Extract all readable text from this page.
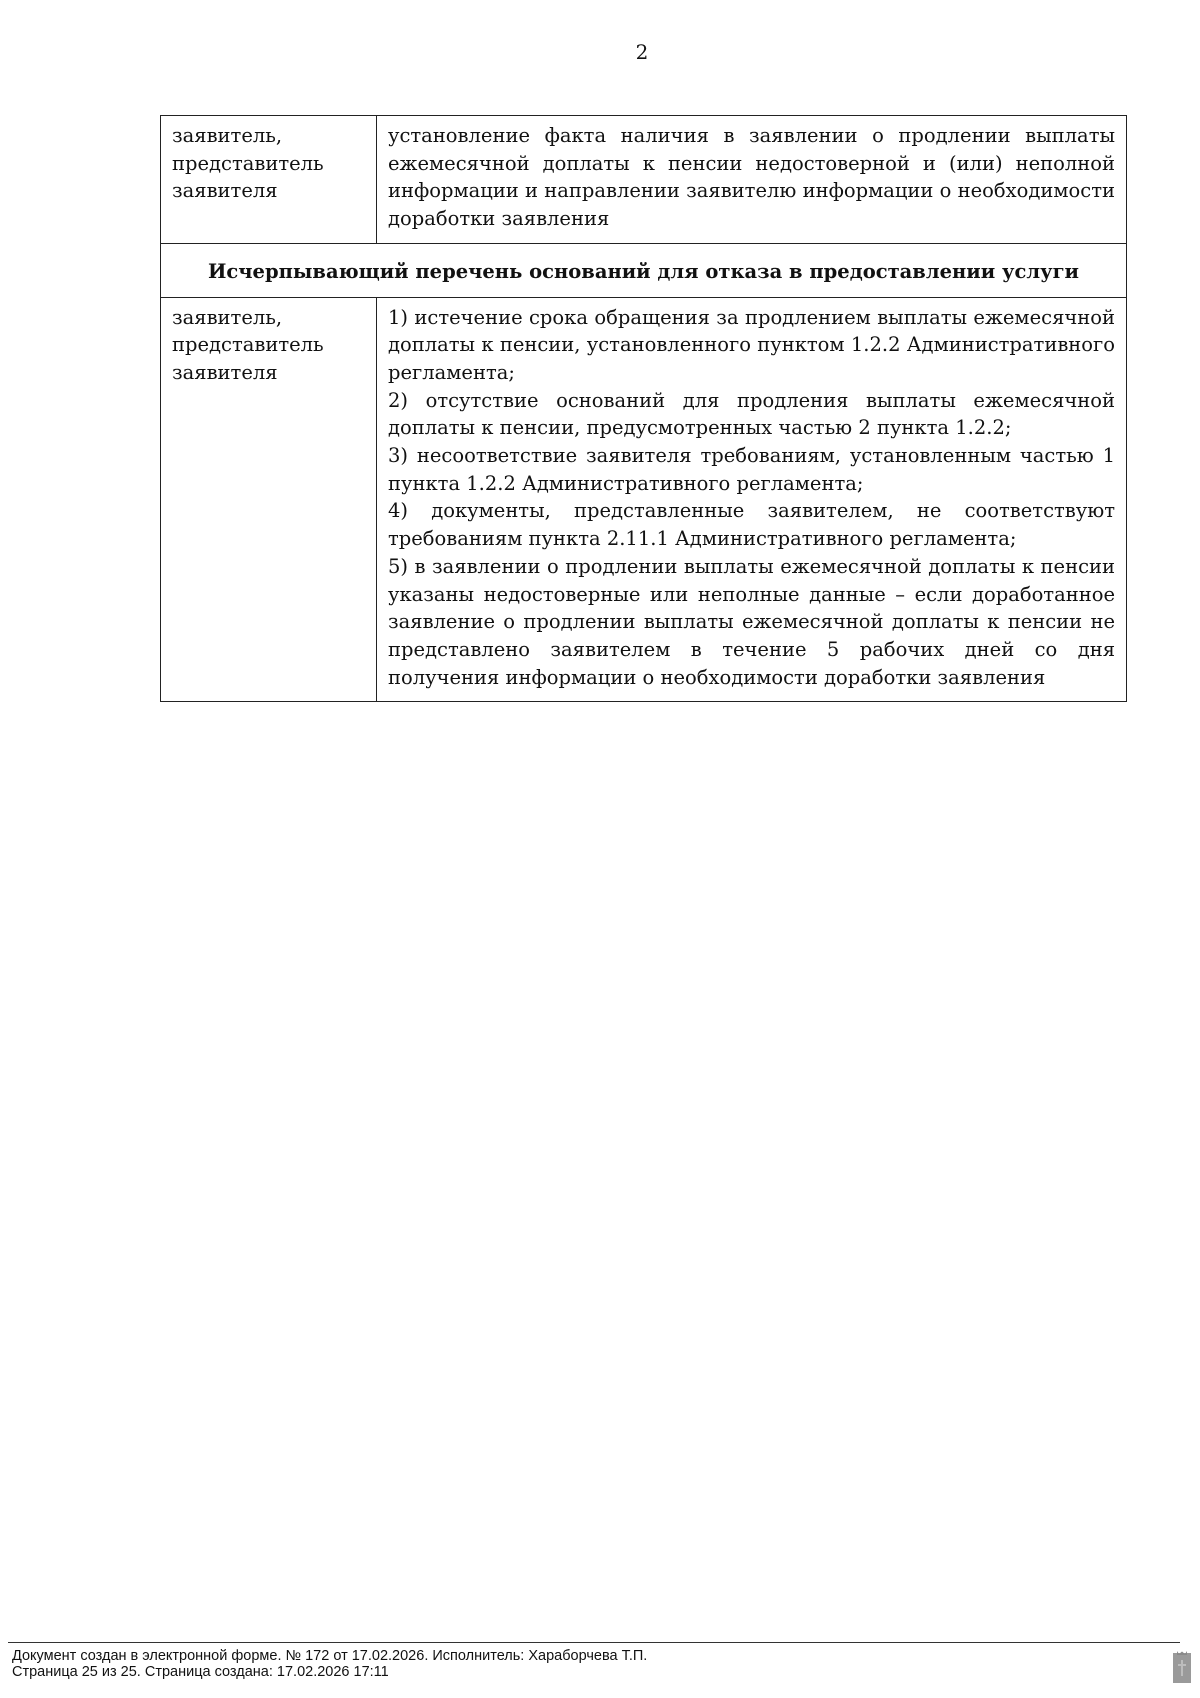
2
заявитель, представитель заявителя	установление факта наличия в заявлении о продлении выплаты ежемесячной доплаты к пенсии недостоверной и (или) неполной информации и направлении заявителю информации о необходимости доработки заявления
Исчерпывающий перечень оснований для отказа в предоставлении услуги	
заявитель, представитель заявителя	1) истечение срока обращения за продлением выплаты ежемесячной доплаты к пенсии, установленного пунктом 1.2.2 Административного регламента;
2) отсутствие оснований для продления выплаты ежемесячной доплаты к пенсии, предусмотренных частью 2 пункта 1.2.2;
3) несоответствие заявителя требованиям, установленным частью 1 пункта 1.2.2 Административного регламента;
4) документы, представленные заявителем, не соответствуют требованиям пункта 2.11.1 Административного регламента;
5) в заявлении о продлении выплаты ежемесячной доплаты к пенсии указаны недостоверные или неполные данные – если доработанное заявление о продлении выплаты ежемесячной доплаты к пенсии не представлено заявителем в течение 5 рабочих дней со дня получения информации о необходимости доработки заявления
Документ создан в электронной форме. № 172 от 17.02.2026. Исполнитель: Хараборчева Т.П.
Страница 25 из 25. Страница создана: 17.02.2026 17:11
